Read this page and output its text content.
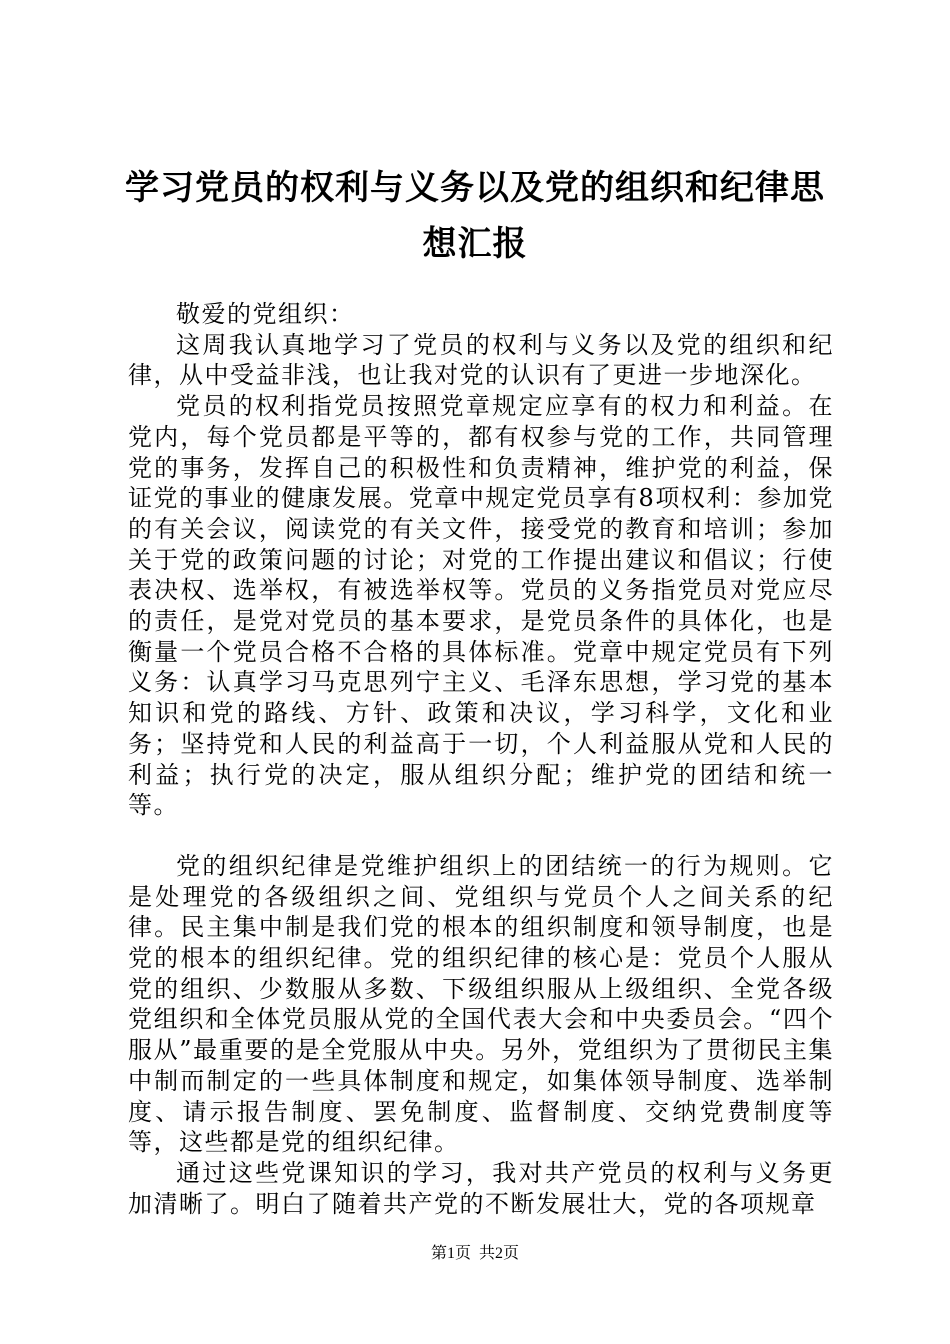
学习党员的权利与义务以及党的组织和纪律思想汇报

敬爱的党组织：

这周我认真地学习了党员的权利与义务以及党的组织和纪律，从中受益非浅，也让我对党的认识有了更进一步地深化。

党员的权利指党员按照党章规定应享有的权力和利益。在党内，每个党员都是平等的，都有权参与党的工作，共同管理党的事务，发挥自己的积极性和负责精神，维护党的利益，保证党的事业的健康发展。党章中规定党员享有8项权利：参加党的有关会议，阅读党的有关文件，接受党的教育和培训；参加关于党的政策问题的讨论；对党的工作提出建议和倡议；行使表决权、选举权，有被选举权等。党员的义务指党员对党应尽的责任，是党对党员的基本要求，是党员条件的具体化，也是衡量一个党员合格不合格的具体标准。党章中规定党员有下列义务：认真学习马克思列宁主义、毛泽东思想，学习党的基本知识和党的路线、方针、政策和决议，学习科学，文化和业务；坚持党和人民的利益高于一切，个人利益服从党和人民的利益；执行党的决定，服从组织分配；维护党的团结和统一等。

党的组织纪律是党维护组织上的团结统一的行为规则。它是处理党的各级组织之间、党组织与党员个人之间关系的纪律。民主集中制是我们党的根本的组织制度和领导制度，也是党的根本的组织纪律。党的组织纪律的核心是：党员个人服从党的组织、少数服从多数、下级组织服从上级组织、全党各级党组织和全体党员服从党的全国代表大会和中央委员会。“四个服从”最重要的是全党服从中央。另外，党组织为了贯彻民主集中制而制定的一些具体制度和规定，如集体领导制度、选举制度、请示报告制度、罢免制度、监督制度、交纳党费制度等等，这些都是党的组织纪律。

通过这些党课知识的学习，我对共产党员的权利与义务更加清晰了。明白了随着共产党的不断发展壮大，党的各项规章

第1页 共2页
